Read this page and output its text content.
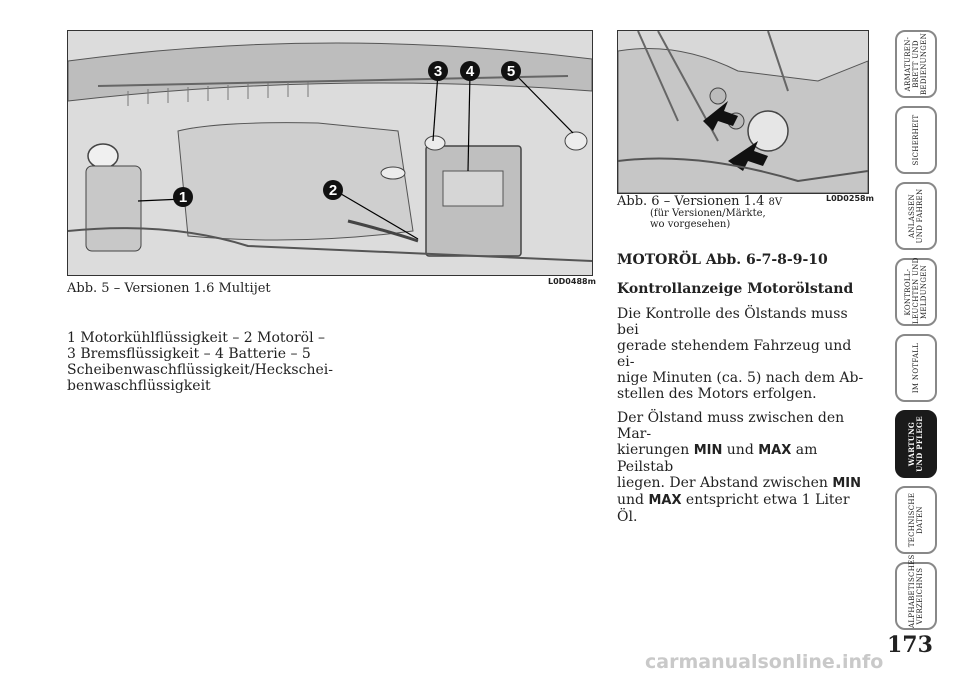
1	2
3 4 5
Abb. 5 – Versionen 1.6 Multijet	L0D0488m
Abb. 6 – Versionen 1.4 8V
(für Versionen/Märkte,
wo vorgesehen)
L0D0258m
1 Motorkühlflüssigkeit – 2 Motoröl –
3 Bremsflüssigkeit – 4 Batterie – 5
Scheibenwaschflüssigkeit/Heckschei-
benwaschflüssigkeit
MOTORÖL Abb. 6-7-8-9-10
Kontrollanzeige Motorölstand

Die Kontrolle des Ölstands muss bei
gerade stehendem Fahrzeug und ei-
nige Minuten (ca. 5) nach dem Ab-
stellen des Motors erfolgen.

Der Ölstand muss zwischen den Mar-
kierungen MIN und MAX am Peilstab
liegen. Der Abstand zwischen MIN
und MAX entspricht etwa 1 Liter Öl.

ARMATUREN-
BRETT UND
BEDIENUNGEN
SICHERHEIT
ANLASSEN
UND FAHREN
KONTROLL-
LEUCHTEN UND
MELDUNGEN
IM NOTFALL
WARTUNG
UND PFLEGE
TECHNISCHE
DATEN
ALPHABETISCHES
VERZEICHNIS
173
carmanualsonline.info
